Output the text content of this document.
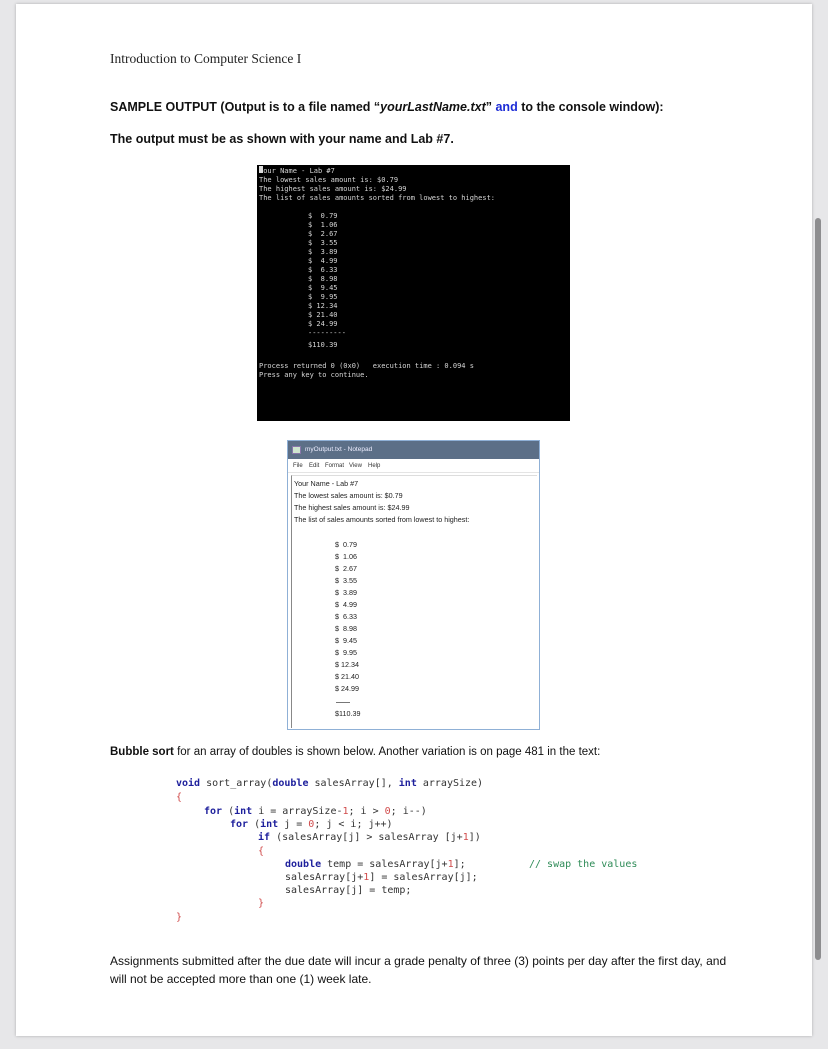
Introduction to Computer Science I
SAMPLE OUTPUT (Output is to a file named “yourLastName.txt” and to the console window):
The output must be as shown with your name and Lab #7.
Your Name - Lab #7
The lowest sales amount is: $0.79
The highest sales amount is: $24.99
The list of sales amounts sorted from lowest to highest:
$  0.79
$  1.06
$  2.67
$  3.55
$  3.89
$  4.99
$  6.33
$  8.98
$  9.45
$  9.95
$ 12.34
$ 21.40
$ 24.99
---------
$110.39
Process returned 0 (0x0)   execution time : 0.094 s
Press any key to continue.
myOutput.txt - Notepad
File Edit Format View Help
Your Name - Lab #7
The lowest sales amount is: $0.79
The highest sales amount is: $24.99
The list of sales amounts sorted from lowest to highest:
$  0.79
$  1.06
$  2.67
$  3.55
$  3.89
$  4.99
$  6.33
$  8.98
$  9.45
$  9.95
$ 12.34
$ 21.40
$ 24.99
$110.39
Bubble sort for an array of doubles is shown below. Another variation is on page 481 in the text:
void sort_array(double salesArray[], int arraySize)
{
for (int i = arraySize-1; i > 0; i--)
for (int j = 0; j < i; j++)
if (salesArray[j] > salesArray [j+1])
{
double temp = salesArray[j+1];	// swap the values
salesArray[j+1] = salesArray[j];
salesArray[j] = temp;
}
}
Assignments submitted after the due date will incur a grade penalty of three (3) points per day after the first day, and will not be accepted more than one (1) week late.
